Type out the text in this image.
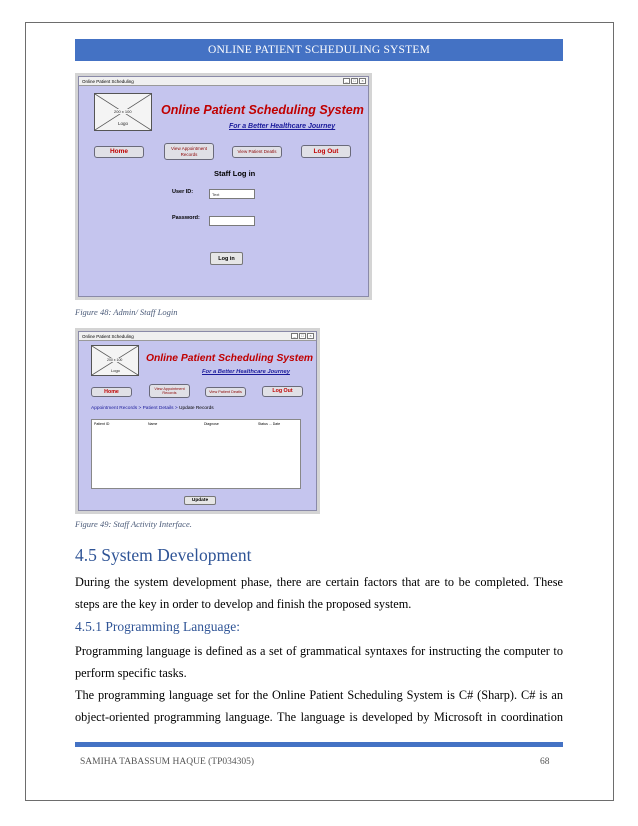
ONLINE PATIENT SCHEDULING SYSTEM
Online Patient Scheduling	_	□	×
200 x 100
Logo
Online Patient Scheduling System
For a Better Healthcare Journey
Home	View Appointment Records	View Patient Deatls	Log Out
Staff Log in
User ID:	Text
Password:
Log in
Figure 48: Admin/ Staff Login
Online Patient Scheduling	_	□	×
200 x 100
Logo
Online Patient Scheduling System
For a Better Healthcare Journey
Home
View Appointment Records	View Patient Deatls	Log Out
Appointment Records > Patient Details > Update Records
Patient ID	Name	Diagnose	Status ... Date
Update
Figure 49: Staff Activity Interface.
4.5 System Development
During the system development phase, there are certain factors that are to be completed. These
steps are the key in order to develop and finish the proposed system.
4.5.1 Programming Language:
Programming language is defined as a set of grammatical syntaxes for instructing the computer to
perform specific tasks.
The programming language set for the Online Patient Scheduling System is C# (Sharp). C# is an
object-oriented programming language. The language is developed by Microsoft in coordination
SAMIHA TABASSUM HAQUE (TP034305)	68
